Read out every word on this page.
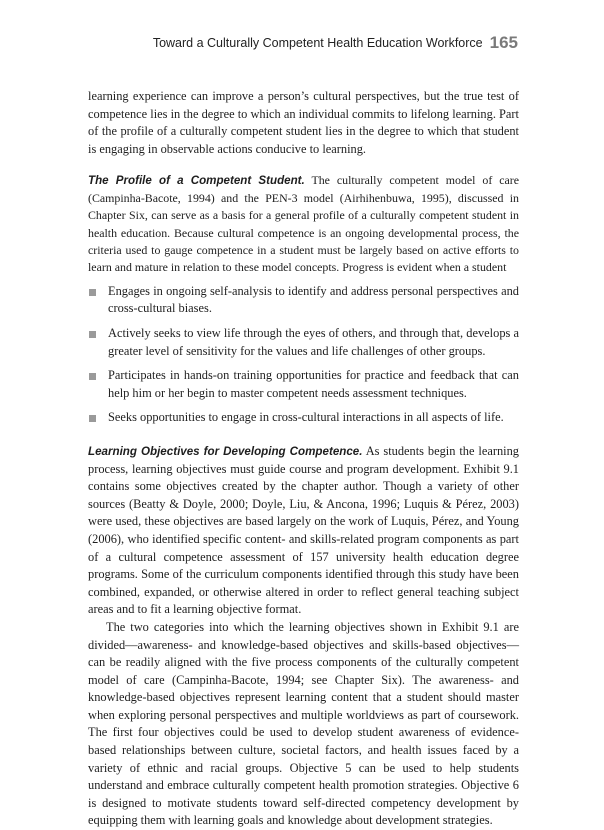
Toward a Culturally Competent Health Education Workforce 165

learning experience can improve a person’s cultural perspectives, but the true test of competence lies in the degree to which an individual commits to lifelong learning. Part of the profile of a culturally competent student lies in the degree to which that student is engaging in observable actions conducive to learning.

The Profile of a Competent Student. The culturally competent model of care (Campinha-Bacote, 1994) and the PEN-3 model (Airhihenbuwa, 1995), discussed in Chapter Six, can serve as a basis for a general profile of a culturally competent student in health education. Because cultural competence is an ongoing developmental process, the criteria used to gauge competence in a student must be largely based on active efforts to learn and mature in relation to these model concepts. Progress is evident when a student

Engages in ongoing self-analysis to identify and address personal perspectives and cross-cultural biases.
Actively seeks to view life through the eyes of others, and through that, develops a greater level of sensitivity for the values and life challenges of other groups.
Participates in hands-on training opportunities for practice and feedback that can help him or her begin to master competent needs assessment techniques.
Seeks opportunities to engage in cross-cultural interactions in all aspects of life.

Learning Objectives for Developing Competence. As students begin the learning process, learning objectives must guide course and program development. Exhibit 9.1 contains some objectives created by the chapter author. Though a variety of other sources (Beatty & Doyle, 2000; Doyle, Liu, & Ancona, 1996; Luquis & Pérez, 2003) were used, these objectives are based largely on the work of Luquis, Pérez, and Young (2006), who identified specific content- and skills-related program components as part of a cultural competence assessment of 157 university health education degree programs. Some of the curriculum components identified through this study have been combined, expanded, or otherwise altered in order to reflect general teaching subject areas and to fit a learning objective format.

The two categories into which the learning objectives shown in Exhibit 9.1 are divided—awareness- and knowledge-based objectives and skills-based objectives—can be readily aligned with the five process components of the culturally competent model of care (Campinha-Bacote, 1994; see Chapter Six). The awareness- and knowledge-based objectives represent learning content that a student should master when exploring personal perspectives and multiple worldviews as part of coursework. The first four objectives could be used to develop student awareness of evidence-based relationships between culture, societal factors, and health issues faced by a variety of ethnic and racial groups. Objective 5 can be used to help students understand and embrace culturally competent health promotion strategies. Objective 6 is designed to motivate students toward self-directed competency development by equipping them with learning goals and knowledge about development strategies.
